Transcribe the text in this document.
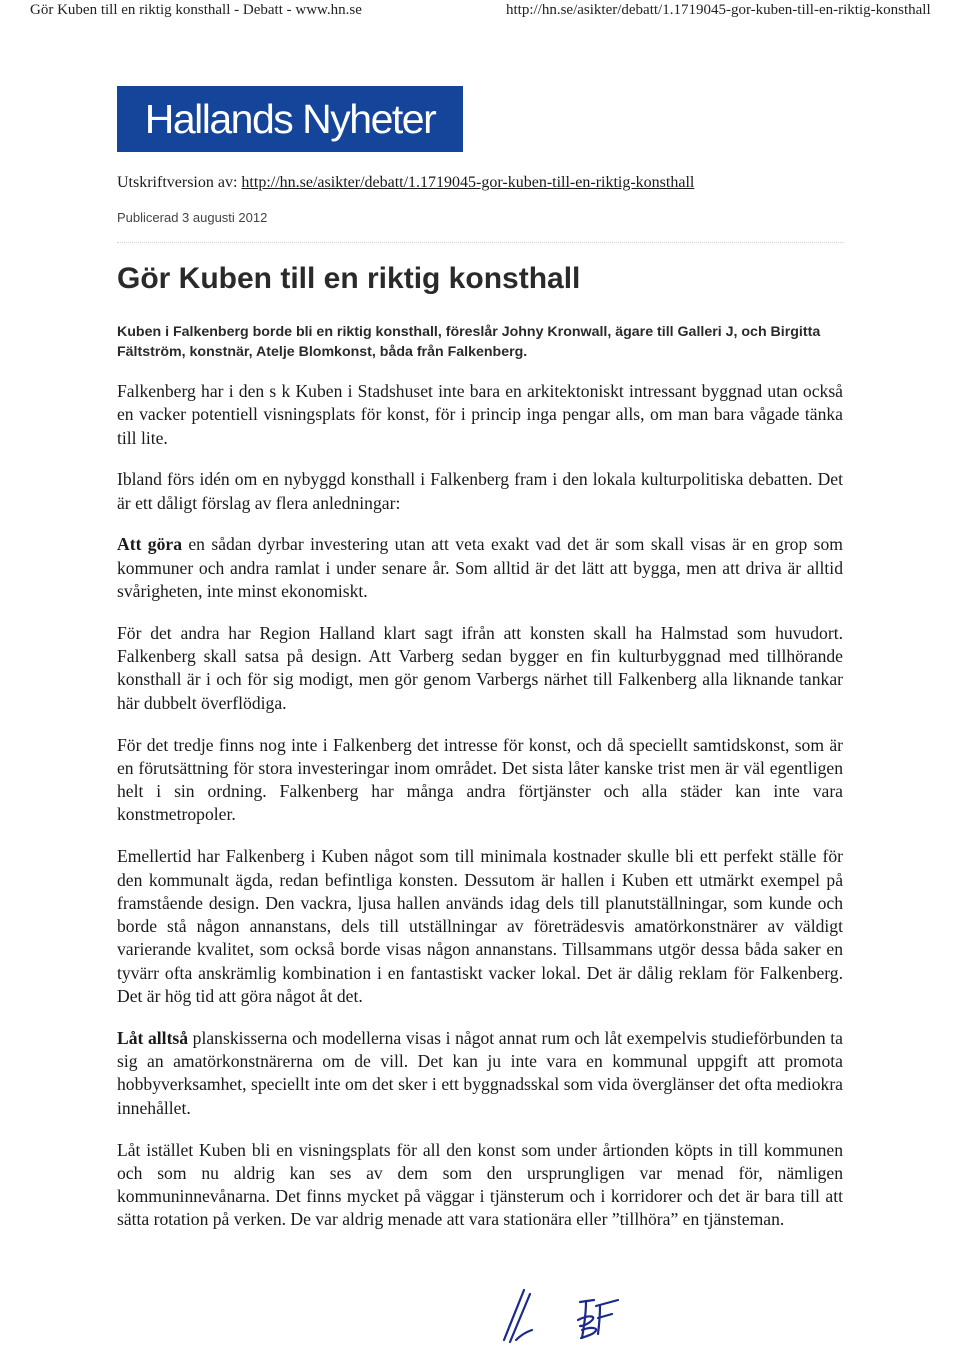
Gör Kuben till en riktig konsthall - Debatt - www.hn.se	http://hn.se/asikter/debatt/1.1719045-gor-kuben-till-en-riktig-konsthall
Hallands Nyheter
Utskriftversion av: http://hn.se/asikter/debatt/1.1719045-gor-kuben-till-en-riktig-konsthall
Publicerad 3 augusti 2012
Gör Kuben till en riktig konsthall

Kuben i Falkenberg borde bli en riktig konsthall, föreslår Johny Kronwall, ägare till Galleri J, och Birgitta Fältström, konstnär, Atelje Blomkonst, båda från Falkenberg.

Falkenberg har i den s k Kuben i Stadshuset inte bara en arkitektoniskt intressant byggnad utan också en vacker potentiell visningsplats för konst, för i princip inga pengar alls, om man bara vågade tänka till lite.

Ibland förs idén om en nybyggd konsthall i Falkenberg fram i den lokala kulturpolitiska debatten. Det är ett dåligt förslag av flera anledningar:

Att göra en sådan dyrbar investering utan att veta exakt vad det är som skall visas är en grop som kommuner och andra ramlat i under senare år. Som alltid är det lätt att bygga, men att driva är alltid svårigheten, inte minst ekonomiskt.

För det andra har Region Halland klart sagt ifrån att konsten skall ha Halmstad som huvudort. Falkenberg skall satsa på design. Att Varberg sedan bygger en fin kulturbyggnad med tillhörande konsthall är i och för sig modigt, men gör genom Varbergs närhet till Falkenberg alla liknande tankar här dubbelt överflödiga.

För det tredje finns nog inte i Falkenberg det intresse för konst, och då speciellt samtidskonst, som är en förutsättning för stora investeringar inom området. Det sista låter kanske trist men är väl egentligen helt i sin ordning. Falkenberg har många andra förtjänster och alla städer kan inte vara konstmetropoler.

Emellertid har Falkenberg i Kuben något som till minimala kostnader skulle bli ett perfekt ställe för den kommunalt ägda, redan befintliga konsten. Dessutom är hallen i Kuben ett utmärkt exempel på framstående design. Den vackra, ljusa hallen används idag dels till planutställningar, som kunde och borde stå någon annanstans, dels till utställningar av företrädesvis amatörkonstnärer av väldigt varierande kvalitet, som också borde visas någon annanstans. Tillsammans utgör dessa båda saker en tyvärr ofta anskrämlig kombination i en fantastiskt vacker lokal. Det är dålig reklam för Falkenberg. Det är hög tid att göra något åt det.

Låt alltså planskisserna och modellerna visas i något annat rum och låt exempelvis studieförbunden ta sig an amatörkonstnärerna om de vill. Det kan ju inte vara en kommunal uppgift att promota hobbyverksamhet, speciellt inte om det sker i ett byggnadsskal som vida överglänser det ofta mediokra innehållet.

Låt istället Kuben bli en visningsplats för all den konst som under årtionden köpts in till kommunen och som nu aldrig kan ses av dem som den ursprungligen var menad för, nämligen kommuninnevånarna. Det finns mycket på väggar i tjänsterum och i korridorer och det är bara till att sätta rotation på verken. De var aldrig menade att vara stationära eller ”tillhöra” en tjänsteman.
